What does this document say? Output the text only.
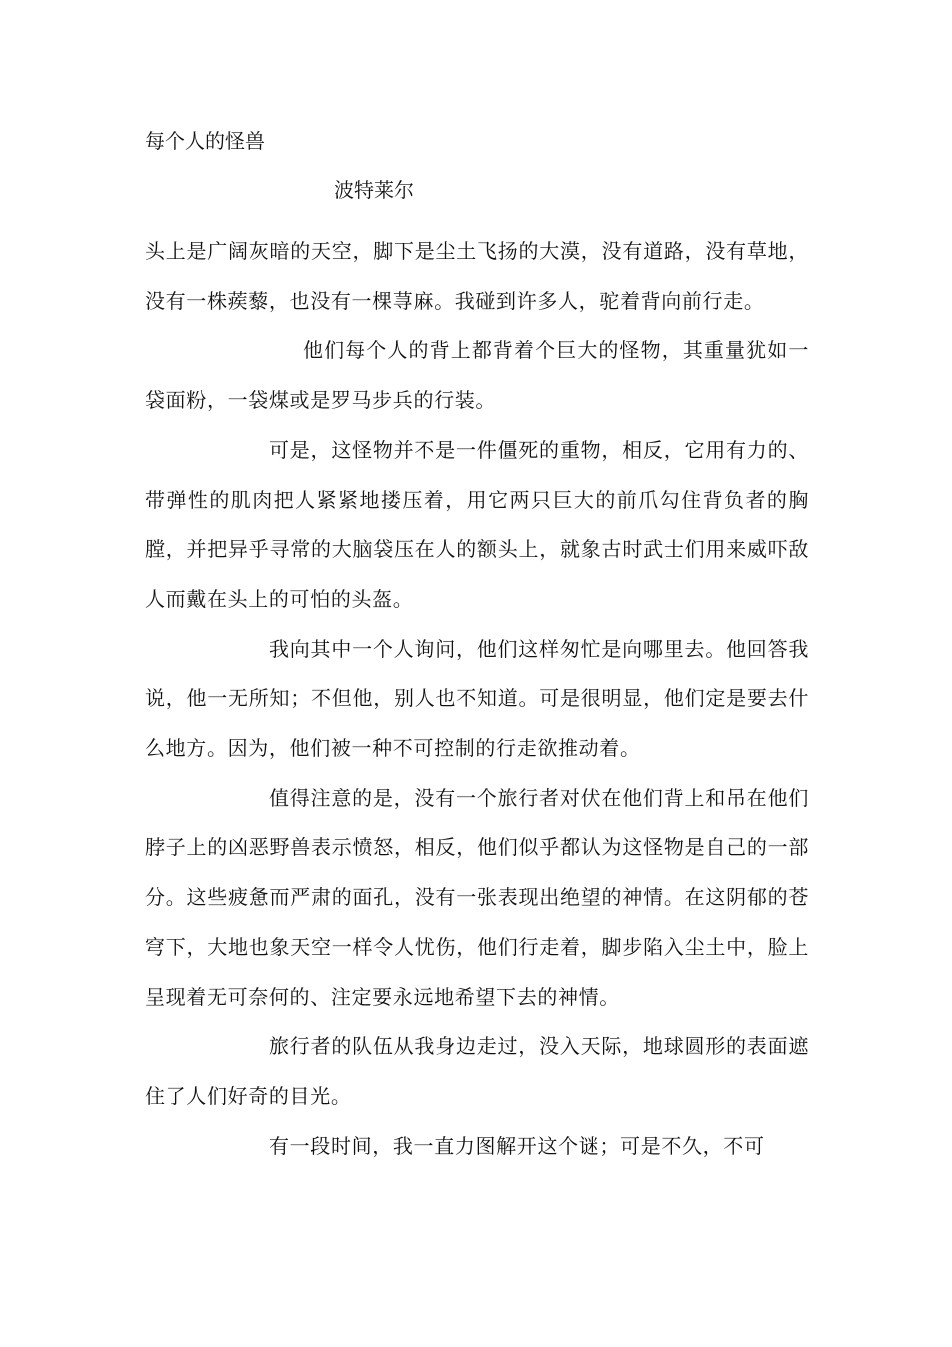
每个人的怪兽
波特莱尔

头上是广阔灰暗的天空，脚下是尘土飞扬的大漠，没有道路，没有草地，没有一株蒺藜，也没有一棵荨麻。我碰到许多人，驼着背向前行走。

他们每个人的背上都背着个巨大的怪物，其重量犹如一袋面粉，一袋煤或是罗马步兵的行装。

可是，这怪物并不是一件僵死的重物，相反，它用有力的、带弹性的肌肉把人紧紧地搂压着，用它两只巨大的前爪勾住背负者的胸膛，并把异乎寻常的大脑袋压在人的额头上，就象古时武士们用来威吓敌人而戴在头上的可怕的头盔。

我向其中一个人询问，他们这样匆忙是向哪里去。他回答我说，他一无所知；不但他，别人也不知道。可是很明显，他们定是要去什么地方。因为，他们被一种不可控制的行走欲推动着。

值得注意的是，没有一个旅行者对伏在他们背上和吊在他们脖子上的凶恶野兽表示愤怒，相反，他们似乎都认为这怪物是自己的一部分。这些疲惫而严肃的面孔，没有一张表现出绝望的神情。在这阴郁的苍穹下，大地也象天空一样令人忧伤，他们行走着，脚步陷入尘土中，脸上呈现着无可奈何的、注定要永远地希望下去的神情。

旅行者的队伍从我身边走过，没入天际，地球圆形的表面遮住了人们好奇的目光。

有一段时间，我一直力图解开这个谜；可是不久，不可
